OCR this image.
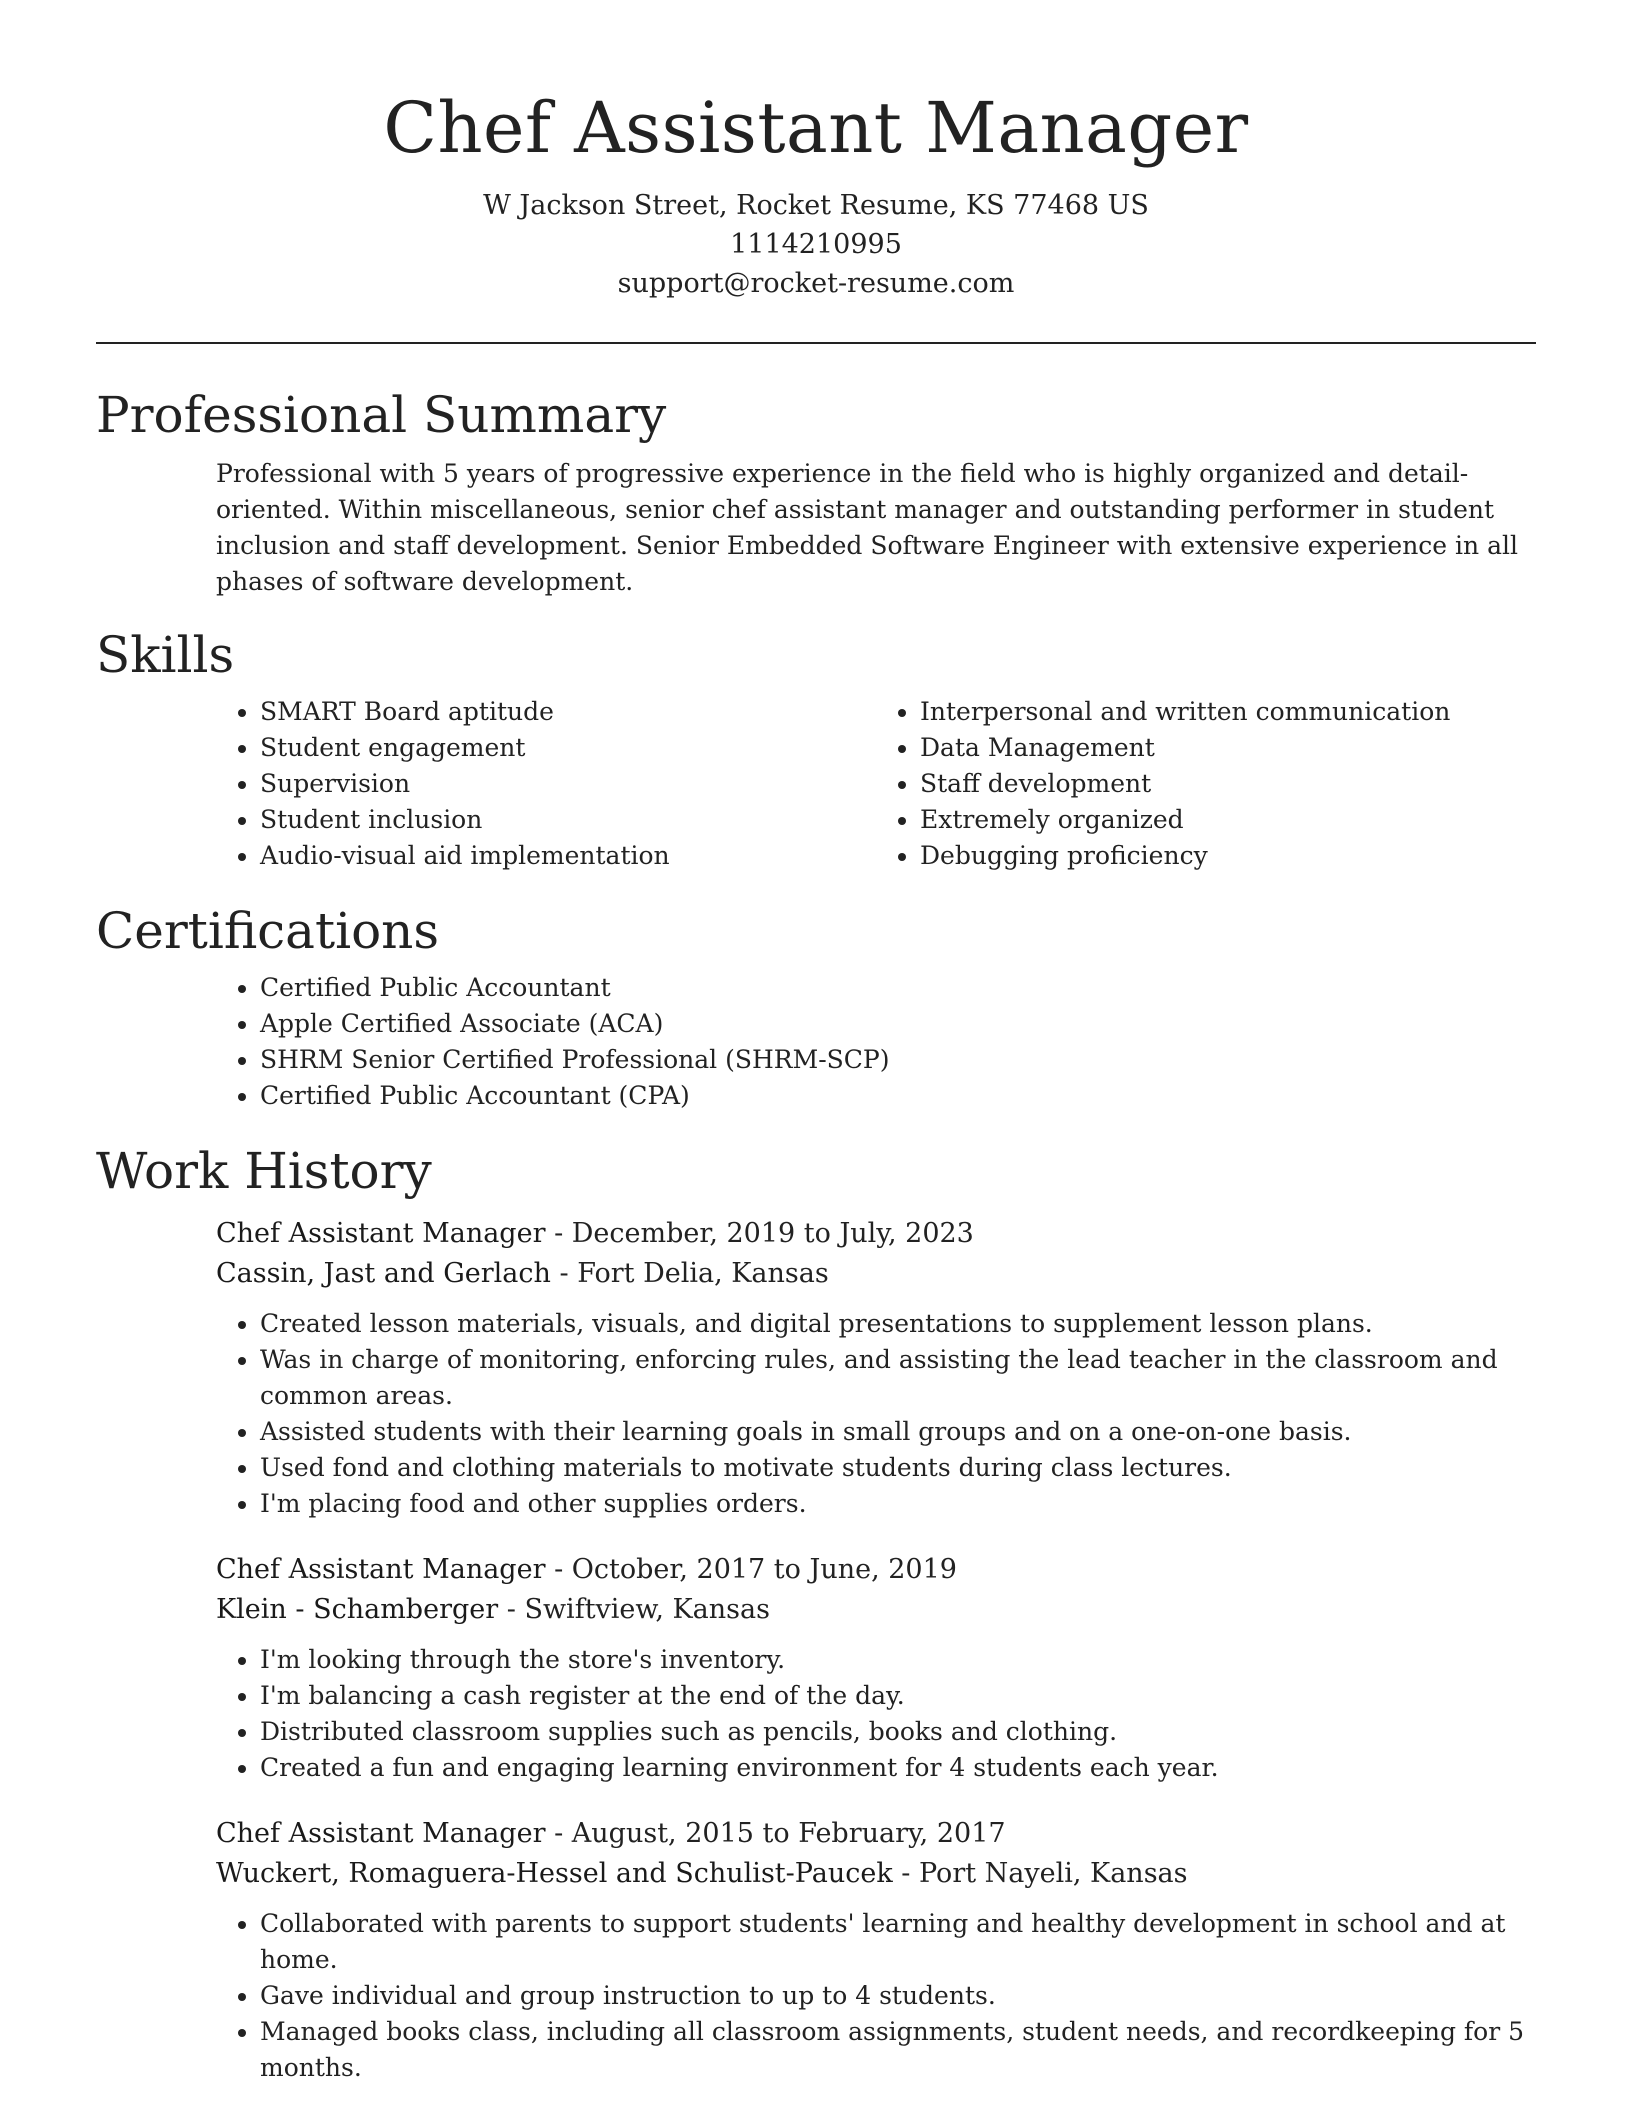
Chef Assistant Manager
W Jackson Street, Rocket Resume, KS 77468 US
1114210995
support@rocket-resume.com
Professional Summary

Professional with 5 years of progressive experience in the field who is highly organized and detail-oriented. Within miscellaneous, senior chef assistant manager and outstanding performer in student inclusion and staff development. Senior Embedded Software Engineer with extensive experience in all phases of software development.

Skills
• SMART Board aptitude
• Student engagement
• Supervision
• Student inclusion
• Audio-visual aid implementation
• Interpersonal and written communication
• Data Management
• Staff development
• Extremely organized
• Debugging proficiency
Certifications
• Certified Public Accountant
• Apple Certified Associate (ACA)
• SHRM Senior Certified Professional (SHRM-SCP)
• Certified Public Accountant (CPA)
Work History
Chef Assistant Manager - December, 2019 to July, 2023
Cassin, Jast and Gerlach - Fort Delia, Kansas
• Created lesson materials, visuals, and digital presentations to supplement lesson plans.
• Was in charge of monitoring, enforcing rules, and assisting the lead teacher in the classroom and common areas.
• Assisted students with their learning goals in small groups and on a one-on-one basis.
• Used fond and clothing materials to motivate students during class lectures.
• I'm placing food and other supplies orders.
Chef Assistant Manager - October, 2017 to June, 2019
Klein - Schamberger - Swiftview, Kansas
• I'm looking through the store's inventory.
• I'm balancing a cash register at the end of the day.
• Distributed classroom supplies such as pencils, books and clothing.
• Created a fun and engaging learning environment for 4 students each year.
Chef Assistant Manager - August, 2015 to February, 2017
Wuckert, Romaguera-Hessel and Schulist-Paucek - Port Nayeli, Kansas
• Collaborated with parents to support students' learning and healthy development in school and at home.
• Gave individual and group instruction to up to 4 students.
• Managed books class, including all classroom assignments, student needs, and recordkeeping for 5 months.
